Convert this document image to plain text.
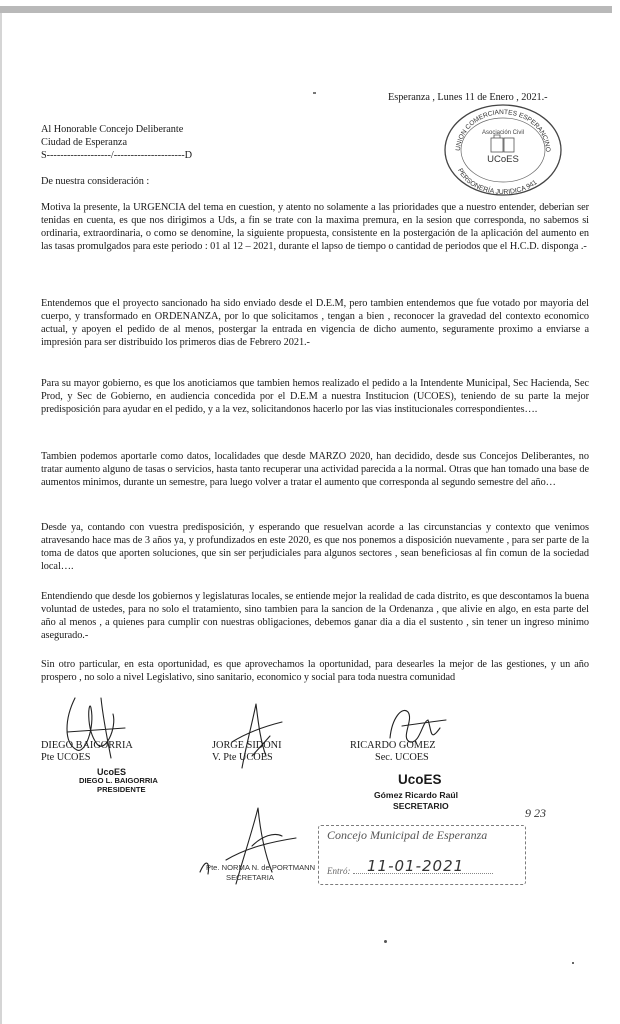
Esperanza , Lunes 11 de Enero , 2021.-
UNION COMERCIANTES ESPERANCINO
PERSONERÍA JURIDICA 941
Asociación Civil
UCoES
Al Honorable Concejo Deliberante
Ciudad de Esperanza
S-------------------/---------------------D
De nuestra consideración :

Motiva la presente, la URGENCIA del tema en cuestion, y atento no solamente a las prioridades que a nuestro entender, deberian ser tenidas en cuenta, es que nos dirigimos a Uds, a fin se trate con la maxima premura, en la sesion que corresponda, no sabemos si ordinaria, extraordinaria, o como se denomine, la siguiente propuesta, consistente en la postergación de la aplicación del aumento en las tasas promulgados para este periodo : 01 al 12 – 2021, durante el lapso de tiempo o cantidad de periodos que el H.C.D. disponga .-

Entendemos que el proyecto sancionado ha sido enviado desde el D.E.M, pero tambien entendemos que fue votado por mayoria del cuerpo, y transformado en ORDENANZA, por lo que solicitamos , tengan a bien , reconocer la gravedad del contexto economico actual, y apoyen el pedido de al menos, postergar la entrada en vigencia de dicho aumento, seguramente proximo a enviarse a impresión para ser distribuido los primeros dias de Febrero 2021.-

Para su mayor gobierno, es que los anoticiamos que tambien hemos realizado el pedido a la Intendente Municipal, Sec Hacienda, Sec Prod, y Sec de Gobierno, en audiencia concedida por el D.E.M a nuestra Institucion (UCOES), teniendo de su parte la mejor predisposición para ayudar en el pedido, y a la vez, solicitandonos hacerlo por las vias institucionales correspondientes….

Tambien podemos aportarle como datos, localidades que desde MARZO 2020, han decidido, desde sus Concejos Deliberantes, no tratar aumento alguno de tasas o servicios, hasta tanto recuperar una actividad parecida a la normal. Otras que han tomado una base de aumentos minimos, durante un semestre, para luego volver a tratar el aumento que corresponda al segundo semestre del año…

Desde ya, contando con vuestra predisposición, y esperando que resuelvan acorde a las circunstancias y contexto que venimos atravesando hace mas de 3 años ya, y profundizados en este 2020, es que nos ponemos a disposición nuevamente , para ser parte de la toma de datos que aporten soluciones, que sin ser perjudiciales para algunos sectores , sean beneficiosas al fin comun de la sociedad local….

Entendiendo que desde los gobiernos y legislaturas locales, se entiende mejor la realidad de cada distrito, es que descontamos la buena voluntad de ustedes, para no solo el tratamiento, sino tambien para la sancion de la Ordenanza , que alivie en algo, en esta parte del año al menos , a quienes para cumplir con nuestras obligaciones, debemos ganar dia a dia el sustento , sin tener un ingreso minimo asegurado.-

Sin otro particular, en esta oportunidad, es que aprovechamos la oportunidad, para desearles la mejor de las gestiones, y un año prospero , no solo a nivel Legislativo, sino sanitario, economico y social para toda nuestra comunidad

DIEGO BAIGORRIA
Pte UCOES
UcoES
DIEGO L. BAIGORRIA
PRESIDENTE
JORGE SIDONI
V. Pte UCOES
RICARDO GOMEZ
Sec. UCOES
UcoES
Gómez Ricardo Raúl
SECRETARIO
Pte. NORMA N. de PORTMANN
SECRETARIA
9 23
Concejo Municipal de Esperanza
Entró: 11-01-2021
